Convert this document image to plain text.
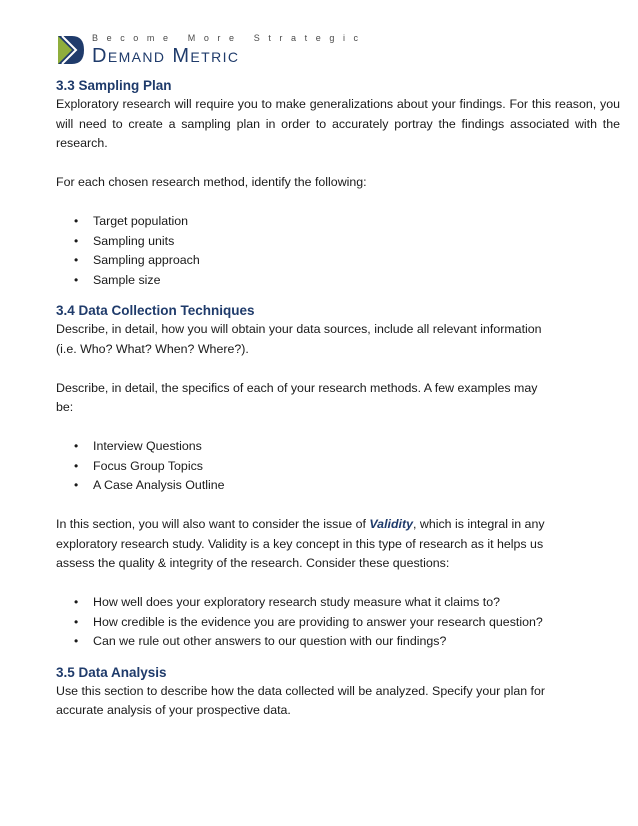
Become More Strategic
Demand Metric
3.3 Sampling Plan

Exploratory research will require you to make generalizations about your findings. For this reason, you will need to create a sampling plan in order to accurately portray the findings associated with the research.

For each chosen research method, identify the following:

• Target population
• Sampling units
• Sampling approach
• Sample size
3.4 Data Collection Techniques

Describe, in detail, how you will obtain your data sources, include all relevant information

(i.e. Who? What? When? Where?).

Describe, in detail, the specifics of each of your research methods. A few examples may

be:

• Interview Questions
• Focus Group Topics
• A Case Analysis Outline

In this section, you will also want to consider the issue of Validity, which is integral in any

exploratory research study. Validity is a key concept in this type of research as it helps us

assess the quality & integrity of the research. Consider these questions:

• How well does your exploratory research study measure what it claims to?
• How credible is the evidence you are providing to answer your research question?
• Can we rule out other answers to our question with our findings?
3.5 Data Analysis

Use this section to describe how the data collected will be analyzed. Specify your plan for

accurate analysis of your prospective data.
